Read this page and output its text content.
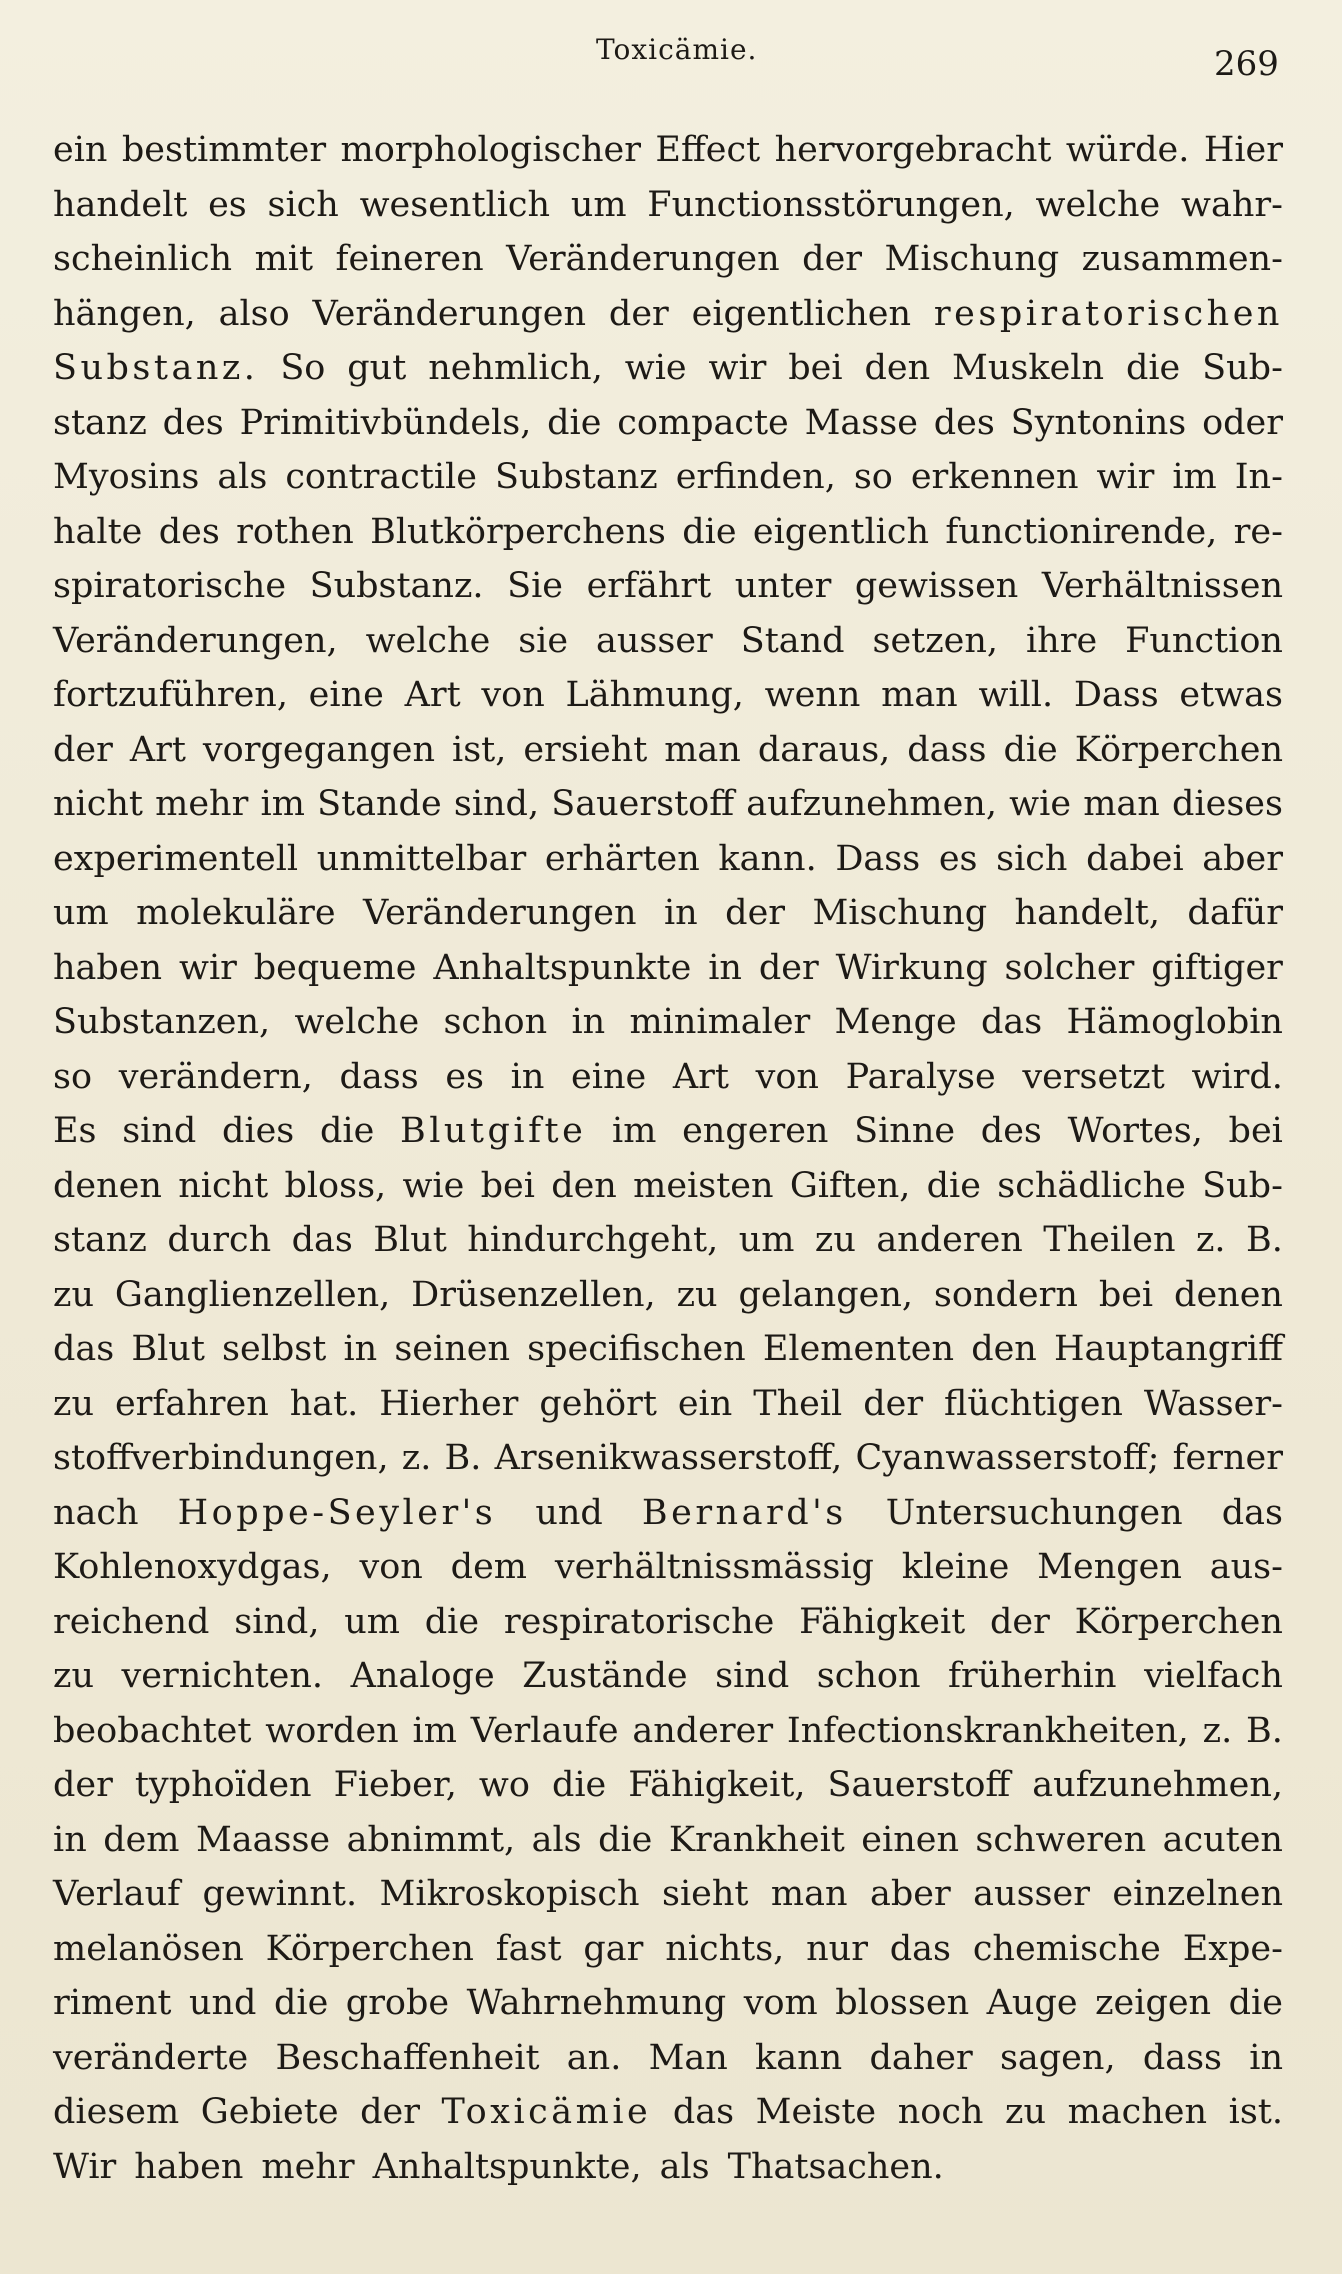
Toxicämie.	269
ein bestimmter morphologischer Effect hervorgebracht würde. Hier
handelt es sich wesentlich um Functionsstörungen, welche wahr-
scheinlich mit feineren Veränderungen der Mischung zusammen-
hängen, also Veränderungen der eigentlichen respiratorischen
Substanz. So gut nehmlich, wie wir bei den Muskeln die Sub-
stanz des Primitivbündels, die compacte Masse des Syntonins oder
Myosins als contractile Substanz erfinden, so erkennen wir im In-
halte des rothen Blutkörperchens die eigentlich functionirende, re-
spiratorische Substanz. Sie erfährt unter gewissen Verhältnissen
Veränderungen, welche sie ausser Stand setzen, ihre Function
fortzuführen, eine Art von Lähmung, wenn man will. Dass etwas
der Art vorgegangen ist, ersieht man daraus, dass die Körperchen
nicht mehr im Stande sind, Sauerstoff aufzunehmen, wie man dieses
experimentell unmittelbar erhärten kann. Dass es sich dabei aber
um molekuläre Veränderungen in der Mischung handelt, dafür
haben wir bequeme Anhaltspunkte in der Wirkung solcher giftiger
Substanzen, welche schon in minimaler Menge das Hämoglobin
so verändern, dass es in eine Art von Paralyse versetzt wird.
Es sind dies die Blutgifte im engeren Sinne des Wortes, bei
denen nicht bloss, wie bei den meisten Giften, die schädliche Sub-
stanz durch das Blut hindurchgeht, um zu anderen Theilen z. B.
zu Ganglienzellen, Drüsenzellen, zu gelangen, sondern bei denen
das Blut selbst in seinen specifischen Elementen den Hauptangriff
zu erfahren hat. Hierher gehört ein Theil der flüchtigen Wasser-
stoffverbindungen, z. B. Arsenikwasserstoff, Cyanwasserstoff; ferner
nach Hoppe-Seyler's und Bernard's Untersuchungen das
Kohlenoxydgas, von dem verhältnissmässig kleine Mengen aus-
reichend sind, um die respiratorische Fähigkeit der Körperchen
zu vernichten. Analoge Zustände sind schon früherhin vielfach
beobachtet worden im Verlaufe anderer Infectionskrankheiten, z. B.
der typhoïden Fieber, wo die Fähigkeit, Sauerstoff aufzunehmen,
in dem Maasse abnimmt, als die Krankheit einen schweren acuten
Verlauf gewinnt. Mikroskopisch sieht man aber ausser einzelnen
melanösen Körperchen fast gar nichts, nur das chemische Expe-
riment und die grobe Wahrnehmung vom blossen Auge zeigen die
veränderte Beschaffenheit an. Man kann daher sagen, dass in
diesem Gebiete der Toxicämie das Meiste noch zu machen ist.
Wir haben mehr Anhaltspunkte, als Thatsachen.
